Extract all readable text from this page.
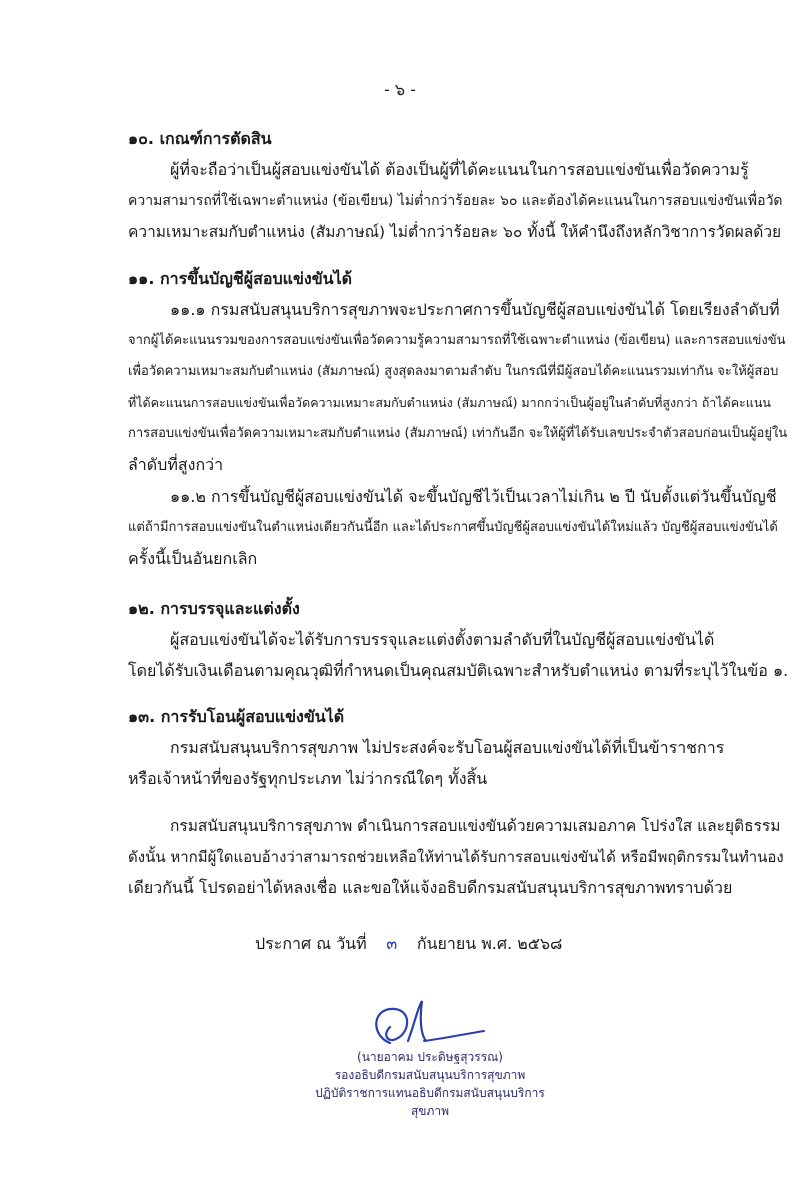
- ๖ -
๑๐. เกณฑ์การตัดสิน
ผู้ที่จะถือว่าเป็นผู้สอบแข่งขันได้ ต้องเป็นผู้ที่ได้คะแนนในการสอบแข่งขันเพื่อวัดความรู้
ความสามารถที่ใช้เฉพาะตำแหน่ง (ข้อเขียน) ไม่ต่ำกว่าร้อยละ ๖๐ และต้องได้คะแนนในการสอบแข่งขันเพื่อวัด
ความเหมาะสมกับตำแหน่ง (สัมภาษณ์) ไม่ต่ำกว่าร้อยละ ๖๐ ทั้งนี้ ให้คำนึงถึงหลักวิชาการวัดผลด้วย
๑๑. การขึ้นบัญชีผู้สอบแข่งขันได้
๑๑.๑ กรมสนับสนุนบริการสุขภาพจะประกาศการขึ้นบัญชีผู้สอบแข่งขันได้ โดยเรียงลำดับที่
จากผู้ได้คะแนนรวมของการสอบแข่งขันเพื่อวัดความรู้ความสามารถที่ใช้เฉพาะตำแหน่ง (ข้อเขียน) และการสอบแข่งขัน
เพื่อวัดความเหมาะสมกับตำแหน่ง (สัมภาษณ์) สูงสุดลงมาตามลำดับ ในกรณีที่มีผู้สอบได้คะแนนรวมเท่ากัน จะให้ผู้สอบ
ที่ได้คะแนนการสอบแข่งขันเพื่อวัดความเหมาะสมกับตำแหน่ง (สัมภาษณ์) มากกว่าเป็นผู้อยู่ในลำดับที่สูงกว่า ถ้าได้คะแนน
การสอบแข่งขันเพื่อวัดความเหมาะสมกับตำแหน่ง (สัมภาษณ์) เท่ากันอีก จะให้ผู้ที่ได้รับเลขประจำตัวสอบก่อนเป็นผู้อยู่ใน
ลำดับที่สูงกว่า
๑๑.๒ การขึ้นบัญชีผู้สอบแข่งขันได้ จะขึ้นบัญชีไว้เป็นเวลาไม่เกิน ๒ ปี นับตั้งแต่วันขึ้นบัญชี
แต่ถ้ามีการสอบแข่งขันในตำแหน่งเดียวกันนี้อีก และได้ประกาศขึ้นบัญชีผู้สอบแข่งขันได้ใหม่แล้ว บัญชีผู้สอบแข่งขันได้
ครั้งนี้เป็นอันยกเลิก
๑๒. การบรรจุและแต่งตั้ง
ผู้สอบแข่งขันได้จะได้รับการบรรจุและแต่งตั้งตามลำดับที่ในบัญชีผู้สอบแข่งขันได้
โดยได้รับเงินเดือนตามคุณวุฒิที่กำหนดเป็นคุณสมบัติเฉพาะสำหรับตำแหน่ง ตามที่ระบุไว้ในข้อ ๑.
๑๓. การรับโอนผู้สอบแข่งขันได้
กรมสนับสนุนบริการสุขภาพ ไม่ประสงค์จะรับโอนผู้สอบแข่งขันได้ที่เป็นข้าราชการ
หรือเจ้าหน้าที่ของรัฐทุกประเภท ไม่ว่ากรณีใดๆ ทั้งสิ้น
กรมสนับสนุนบริการสุขภาพ ดำเนินการสอบแข่งขันด้วยความเสมอภาค โปร่งใส และยุติธรรม
ดังนั้น หากมีผู้ใดแอบอ้างว่าสามารถช่วยเหลือให้ท่านได้รับการสอบแข่งขันได้ หรือมีพฤติกรรมในทำนอง
เดียวกันนี้ โปรดอย่าได้หลงเชื่อ และขอให้แจ้งอธิบดีกรมสนับสนุนบริการสุขภาพทราบด้วย
ประกาศ ณ วันที่ ๓ กันยายน พ.ศ. ๒๕๖๘
(นายอาคม ประดิษฐสุวรรณ)
รองอธิบดีกรมสนับสนุนบริการสุขภาพ
ปฏิบัติราชการแทนอธิบดีกรมสนับสนุนบริการสุขภาพ
